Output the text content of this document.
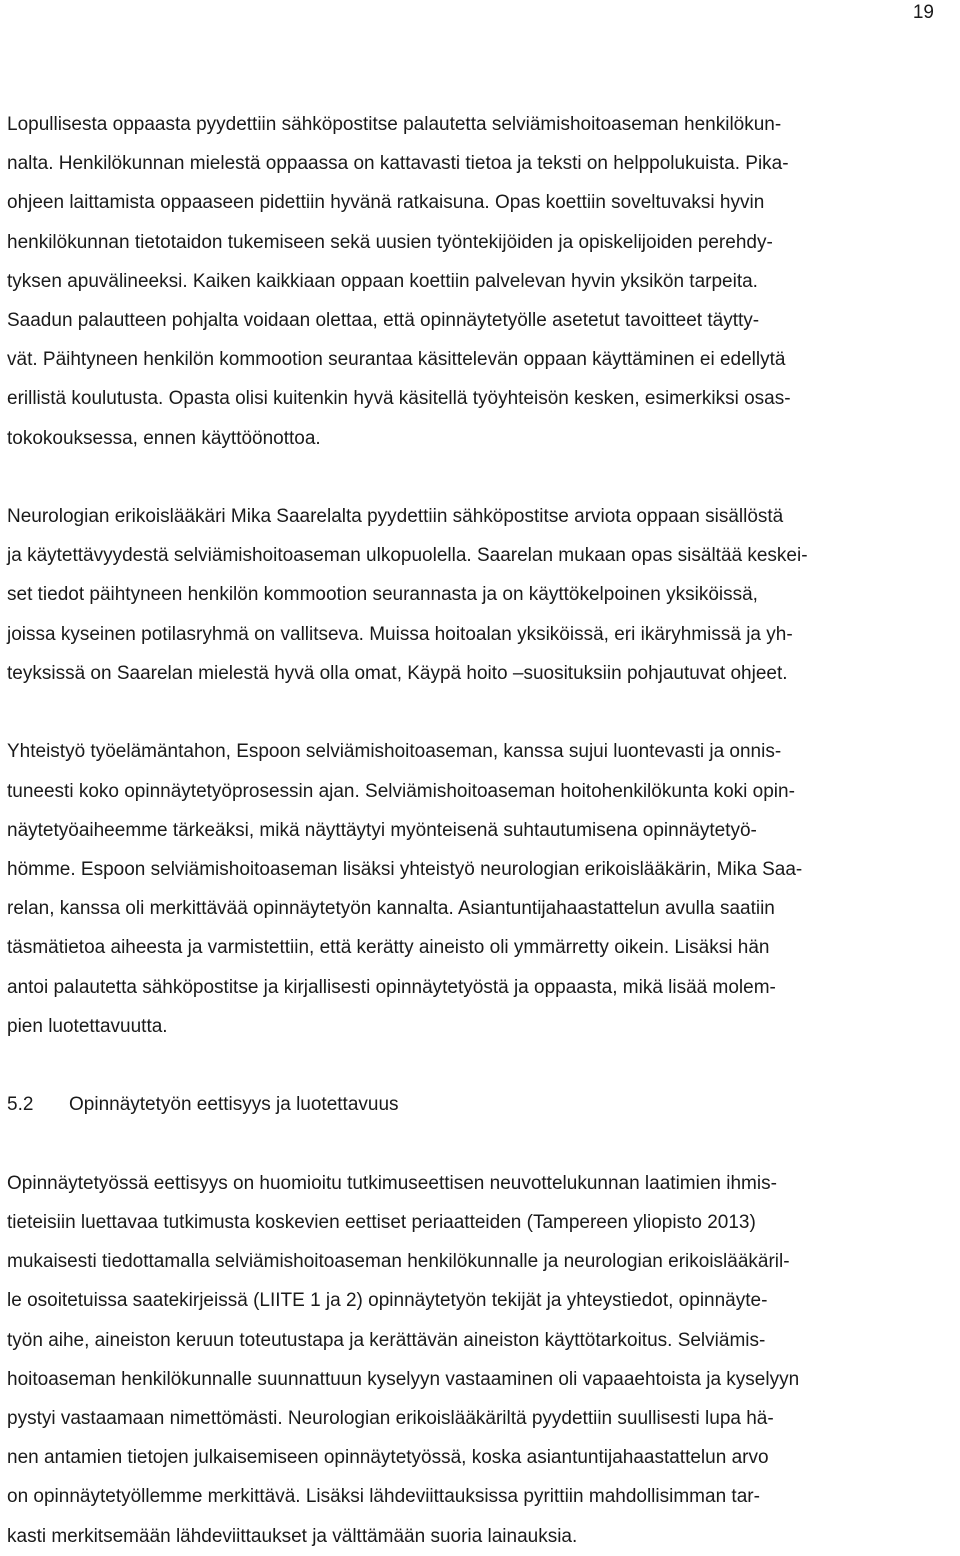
19
Lopullisesta oppaasta pyydettiin sähköpostitse palautetta selviämishoitoaseman henkilökun-
nalta. Henkilökunnan mielestä oppaassa on kattavasti tietoa ja teksti on helppolukuista. Pika-
ohjeen laittamista oppaaseen pidettiin hyvänä ratkaisuna. Opas koettiin soveltuvaksi hyvin
henkilökunnan tietotaidon tukemiseen sekä uusien työntekijöiden ja opiskelijoiden perehdy-
tyksen apuvälineeksi. Kaiken kaikkiaan oppaan koettiin palvelevan hyvin yksikön tarpeita.
Saadun palautteen pohjalta voidaan olettaa, että opinnäytetyölle asetetut tavoitteet täytty-
vät. Päihtyneen henkilön kommootion seurantaa käsittelevän oppaan käyttäminen ei edellytä
erillistä koulutusta. Opasta olisi kuitenkin hyvä käsitellä työyhteisön kesken, esimerkiksi osas-
tokokouksessa, ennen käyttöönottoa.
Neurologian erikoislääkäri Mika Saarelalta pyydettiin sähköpostitse arviota oppaan sisällöstä
ja käytettävyydestä selviämishoitoaseman ulkopuolella. Saarelan mukaan opas sisältää keskei-
set tiedot päihtyneen henkilön kommootion seurannasta ja on käyttökelpoinen yksiköissä,
joissa kyseinen potilasryhmä on vallitseva. Muissa hoitoalan yksiköissä, eri ikäryhmissä ja yh-
teyksissä on Saarelan mielestä hyvä olla omat, Käypä hoito –suosituksiin pohjautuvat ohjeet.
Yhteistyö työelämäntahon, Espoon selviämishoitoaseman, kanssa sujui luontevasti ja onnis-
tuneesti koko opinnäytetyöprosessin ajan. Selviämishoitoaseman hoitohenkilökunta koki opin-
näytetyöaiheemme tärkeäksi, mikä näyttäytyi myönteisenä suhtautumisena opinnäytetyö-
hömme. Espoon selviämishoitoaseman lisäksi yhteistyö neurologian erikoislääkärin, Mika Saa-
relan, kanssa oli merkittävää opinnäytetyön kannalta. Asiantuntijahaastattelun avulla saatiin
täsmätietoa aiheesta ja varmistettiin, että kerätty aineisto oli ymmärretty oikein. Lisäksi hän
antoi palautetta sähköpostitse ja kirjallisesti opinnäytetyöstä ja oppaasta, mikä lisää molem-
pien luotettavuutta.
5.2 Opinnäytetyön eettisyys ja luotettavuus
Opinnäytetyössä eettisyys on huomioitu tutkimuseettisen neuvottelukunnan laatimien ihmis-
tieteisiin luettavaa tutkimusta koskevien eettiset periaatteiden (Tampereen yliopisto 2013)
mukaisesti tiedottamalla selviämishoitoaseman henkilökunnalle ja neurologian erikoislääkäril-
le osoitetuissa saatekirjeissä (LIITE 1 ja 2) opinnäytetyön tekijät ja yhteystiedot, opinnäyte-
työn aihe, aineiston keruun toteutustapa ja kerättävän aineiston käyttötarkoitus. Selviämis-
hoitoaseman henkilökunnalle suunnattuun kyselyyn vastaaminen oli vapaaehtoista ja kyselyyn
pystyi vastaamaan nimettömästi. Neurologian erikoislääkäriltä pyydettiin suullisesti lupa hä-
nen antamien tietojen julkaisemiseen opinnäytetyössä, koska asiantuntijahaastattelun arvo
on opinnäytetyöllemme merkittävä. Lisäksi lähdeviittauksissa pyrittiin mahdollisimman tar-
kasti merkitsemään lähdeviittaukset ja välttämään suoria lainauksia.
